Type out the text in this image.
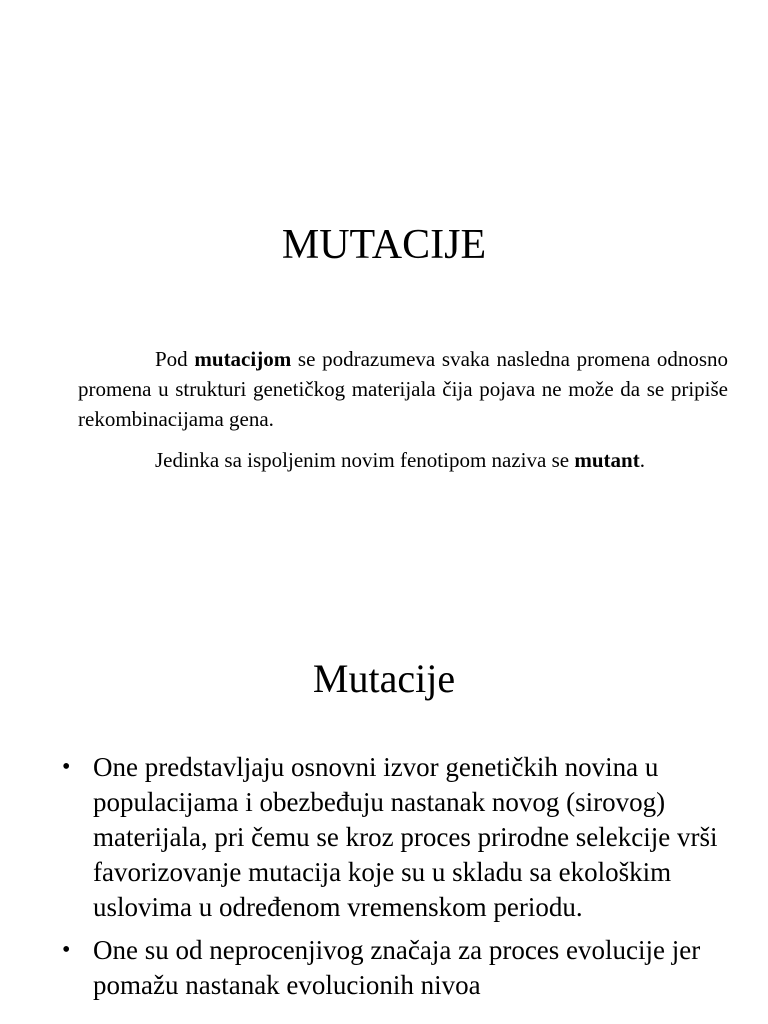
MUTACIJE

Pod mutacijom se podrazumeva svaka nasledna promena odnosno promena u strukturi genetičkog materijala čija pojava ne može da se pripiše rekombinacijama gena.

Jedinka sa ispoljenim novim fenotipom naziva se mutant.

Mutacije
• One predstavljaju osnovni izvor genetičkih novina u populacijama i obezbeđuju nastanak novog (sirovog) materijala, pri čemu se kroz proces prirodne selekcije vrši favorizovanje mutacija koje su u skladu sa ekološkim uslovima u određenom vremenskom periodu.
• One su od neprocenjivog značaja za proces evolucije jer pomažu nastanak evolucionih nivoa
